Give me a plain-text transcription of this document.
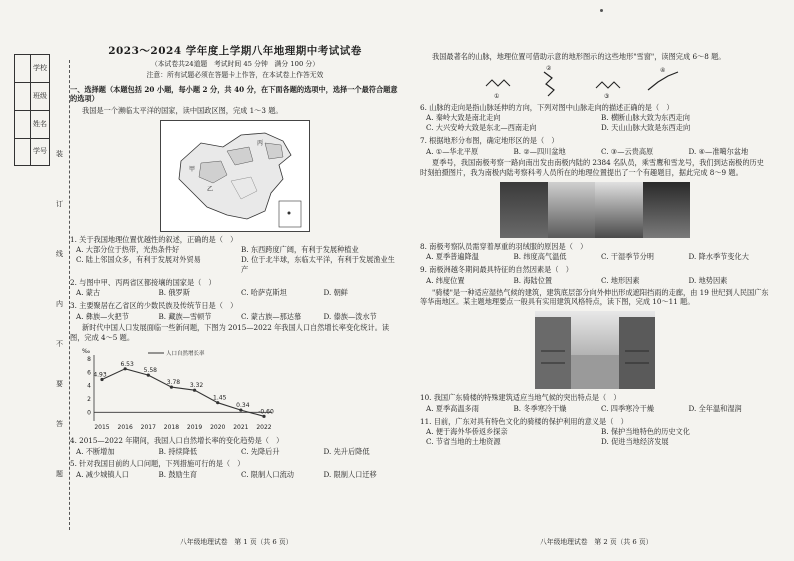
学 校
班 级
姓 名
学 号 装
订
线
内
不
要
答
题
2023～2024 学年度上学期八年地理期中考试试卷
（本试卷共24道题　考试时间 45 分钟　满分 100 分）
注意：所有试题必须在答题卡上作答，在本试卷上作答无效
一、选择题（本题包括 20 小题，每小题 2 分，共 40 分，在下面各题的选项中，选择一个最符合题意的选项）
我国是一个濒临太平洋的国家，读中国政区图，完成 1～3 题。
甲
乙
丙
1. 关于我国地理位置优越性的叙述，正确的是（　）
A. 大部分位于热带，光热条件好	B. 东西跨度广阔，有利于发展种植业
C. 陆上邻国众多，有利于发展对外贸易	D. 位于北半球，东临太平洋，有利于发展渔业生产
2. 与图中甲、丙两省区都接壤的国家是（　）
A. 蒙古	B. 俄罗斯	C. 哈萨克斯坦	D. 朝鲜
3. 主要聚居在乙省区的少数民族及传统节日是（　）
A. 彝族—火把节	B. 藏族—雪顿节	C. 蒙古族—那达慕	D. 傣族—泼水节
新时代中国人口发展面临一些新问题，下图为 2015—2022 年我国人口自然增长率变化统计。读图，完成 4～5 题。
‰	人口自然增长率
0
2
4
6
8
2015 2016 2017 2018 2019 2020 2021 2022
4.93
6.53
5.58
3.78 3.32
1.45
0.34
-0.60
4. 2015—2022 年期间，我国人口自然增长率的变化趋势是（　）
A. 不断增加	B. 持续降低	C. 先降后升	D. 先升后降低
5. 针对我国目前的人口问题，下列措施可行的是（　）
A. 减少城镇人口	B. 鼓励生育	C. 限制人口流动	D. 限制人口迁移
八年级地理试卷　第 1 页（共 6 页）
我国最著名的山脉，地理位置可借助示意的地形图示的这些地形"雪窗"，读图完成 6～8 题。
①
②
③
④
6. 山脉的走向是指山脉延伸的方向，下列对图中山脉走向的描述正确的是（　）
A. 秦岭大致是南北走向	B. 横断山脉大致为东西走向
C. 大兴安岭大致是东北—西南走向	D. 天山山脉大致是东西走向
7. 根据地形分布图，确定地形区的是（　）
A. ①—华北平原	B. ②—四川盆地	C. ③—云贵高原	D. ④—准噶尔盆地
夏季号，我国南极考察一路向南出发由南极内陆的 2384 名队员，乘雪鹰和雪龙号，我们到达南极的历史时刻拍摄图片，我为南极内陆考察科考人员所在的地理位置提出了一个有趣题目，据此完成 8～9 题。
8. 南极考察队员需穿着厚重的羽绒服的原因是（　）
A. 夏季普遍降温	B. 纬度高气温低	C. 干湿季节分明	D. 降水季节变化大
9. 南极洲越冬期间最具特征的自然因素是（　）
A. 纬度位置	B. 海陆位置	C. 地形因素	D. 地势因素
"骑楼"是一种适应湿热气候的建筑，建筑底层部分向外伸出形成遮阳挡雨的走廊，由 19 世纪到人民国广东等华南地区。某主题地理要点一般具有实用建筑风格特点，读下图，完成 10～11 题。
10. 我国广东骑楼的特殊建筑适应当地气候的突出特点是（　）
A. 夏季高温多雨	B. 冬季寒冷干燥	C. 四季寒冷干燥	D. 全年温和湿润
11. 目前，广东对具有特色文化的骑楼的保护利用的意义是（　）
A. 便于海外华侨返乡探亲	B. 保护当地特色的历史文化
C. 节省当地的土地资源	D. 促进当地经济发展
八年级地理试卷　第 2 页（共 6 页）
